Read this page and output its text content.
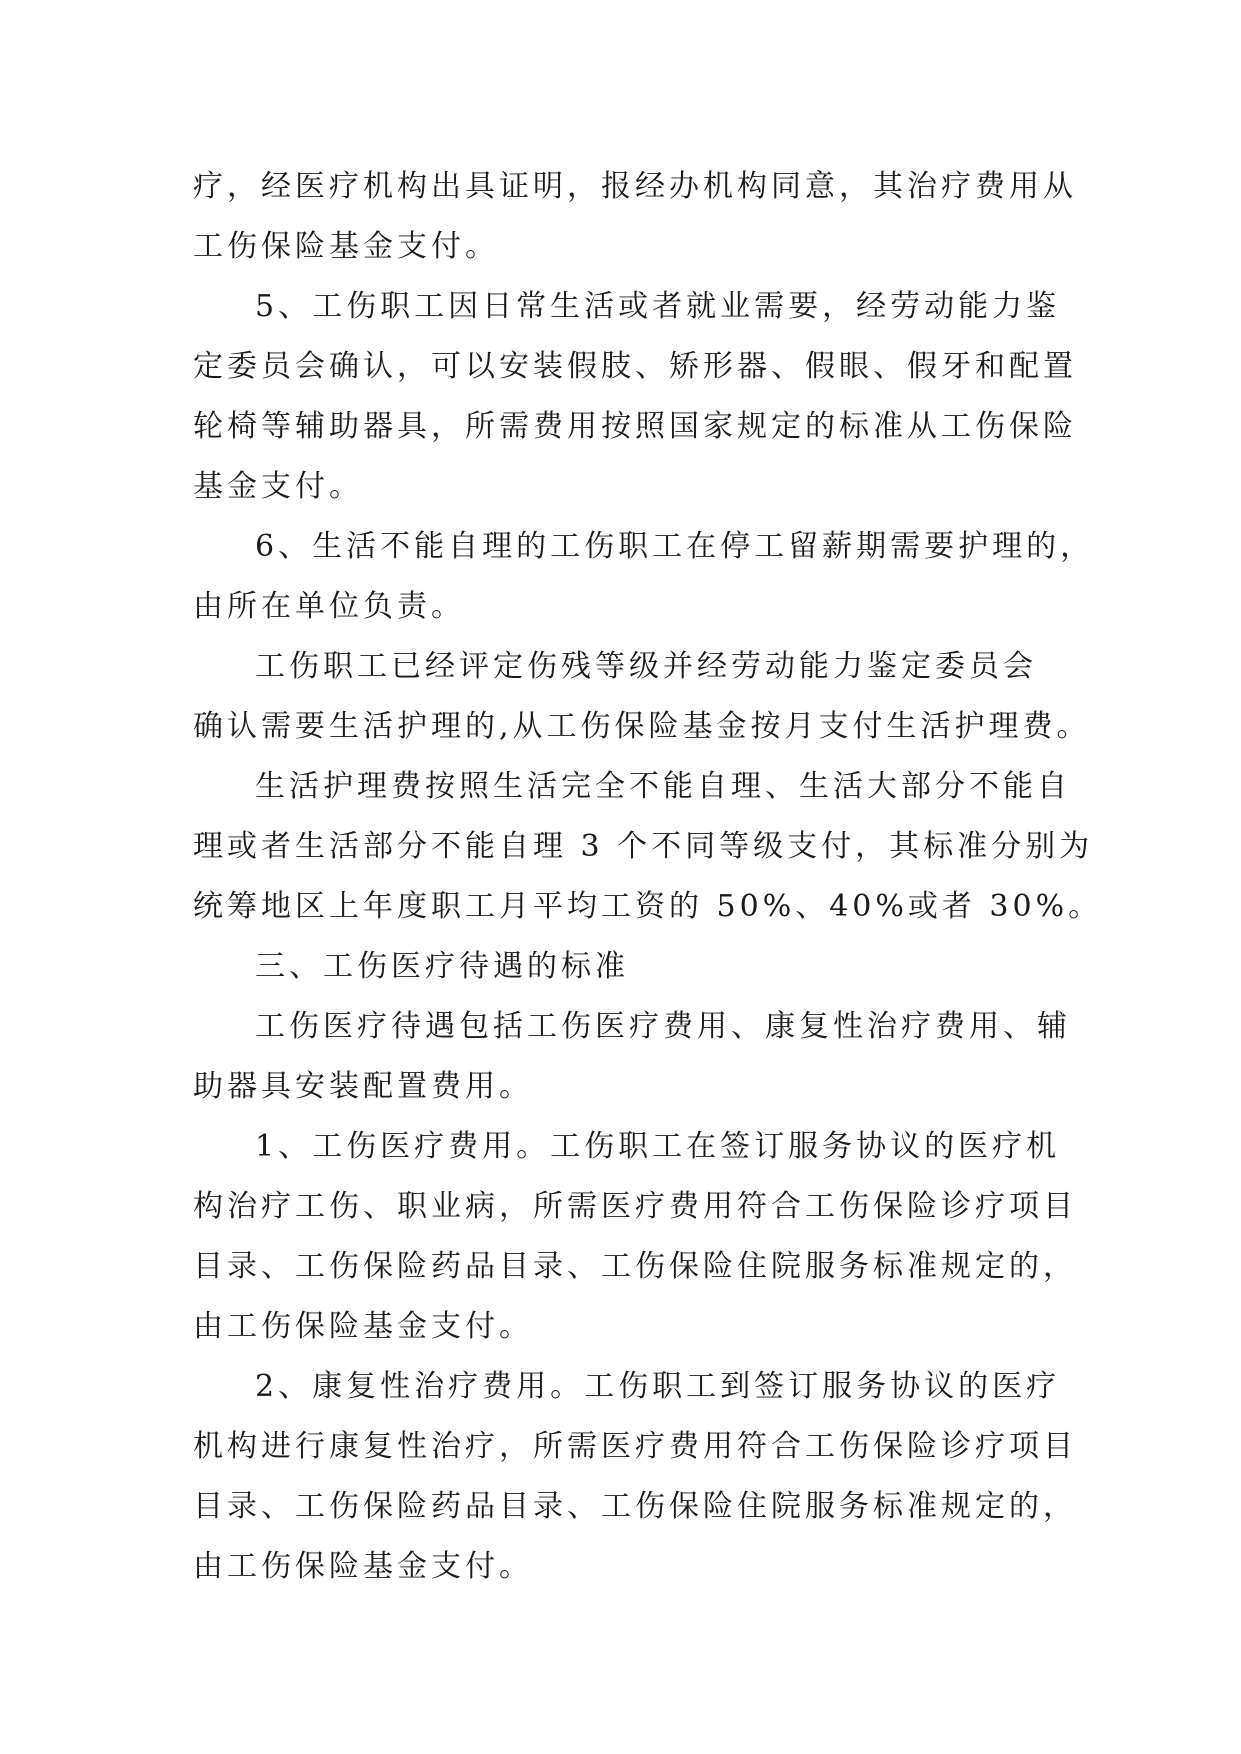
疗，经医疗机构出具证明，报经办机构同意，其治疗费用从
工伤保险基金支付。
5、工伤职工因日常生活或者就业需要，经劳动能力鉴
定委员会确认，可以安装假肢、矫形器、假眼、假牙和配置
轮椅等辅助器具，所需费用按照国家规定的标准从工伤保险
基金支付。
6、生活不能自理的工伤职工在停工留薪期需要护理的，
由所在单位负责。
工伤职工已经评定伤残等级并经劳动能力鉴定委员会
确认需要生活护理的,从工伤保险基金按月支付生活护理费。
生活护理费按照生活完全不能自理、生活大部分不能自
理或者生活部分不能自理 3 个不同等级支付，其标准分别为
统筹地区上年度职工月平均工资的 50%、40%或者 30%。
三、工伤医疗待遇的标准
工伤医疗待遇包括工伤医疗费用、康复性治疗费用、辅
助器具安装配置费用。
1、工伤医疗费用。工伤职工在签订服务协议的医疗机
构治疗工伤、职业病，所需医疗费用符合工伤保险诊疗项目
目录、工伤保险药品目录、工伤保险住院服务标准规定的，
由工伤保险基金支付。
2、康复性治疗费用。工伤职工到签订服务协议的医疗
机构进行康复性治疗，所需医疗费用符合工伤保险诊疗项目
目录、工伤保险药品目录、工伤保险住院服务标准规定的，
由工伤保险基金支付。
